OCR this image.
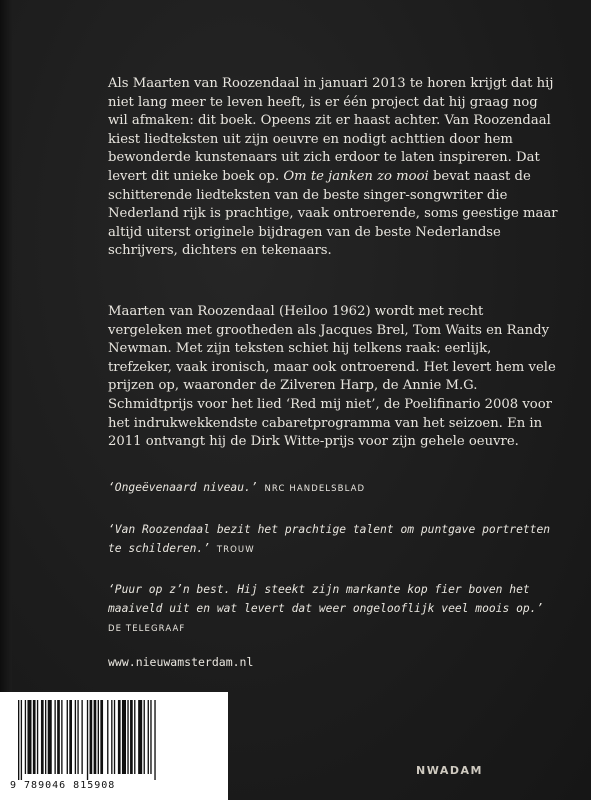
Als Maarten van Roozendaal in januari 2013 te horen krijgt dat hij niet lang meer te leven heeft, is er één project dat hij graag nog wil afmaken: dit boek. Opeens zit er haast achter. Van Roozendaal kiest liedteksten uit zijn oeuvre en nodigt achttien door hem bewonderde kunstenaars uit zich erdoor te laten inspireren. Dat levert dit unieke boek op. Om te janken zo mooi bevat naast de schitterende liedteksten van de beste singer-songwriter die Nederland rijk is prachtige, vaak ontroerende, soms geestige maar altijd uiterst originele bijdragen van de beste Nederlandse schrijvers, dichters en tekenaars.

Maarten van Roozendaal (Heiloo 1962) wordt met recht vergeleken met grootheden als Jacques Brel, Tom Waits en Randy Newman. Met zijn teksten schiet hij telkens raak: eerlijk, trefzeker, vaak ironisch, maar ook ontroerend. Het levert hem vele prijzen op, waaronder de Zilveren Harp, de Annie M.G. Schmidtprijs voor het lied ‘Red mij niet’, de Poelifinario 2008 voor het indrukwekkendste cabaretprogramma van het seizoen. En in 2011 ontvangt hij de Dirk Witte-prijs voor zijn gehele oeuvre.

‘Ongeëvenaard niveau.’ NRC HANDELSBLAD
‘Van Roozendaal bezit het prachtige talent om puntgave portretten te schilderen.’ TROUW
‘Puur op z’n best. Hij steekt zijn markante kop fier boven het maaiveld uit en wat levert dat weer ongelooflijk veel moois op.’
DE TELEGRAAF
www.nieuwamsterdam.nl
9 789046 815908
NWADAM
